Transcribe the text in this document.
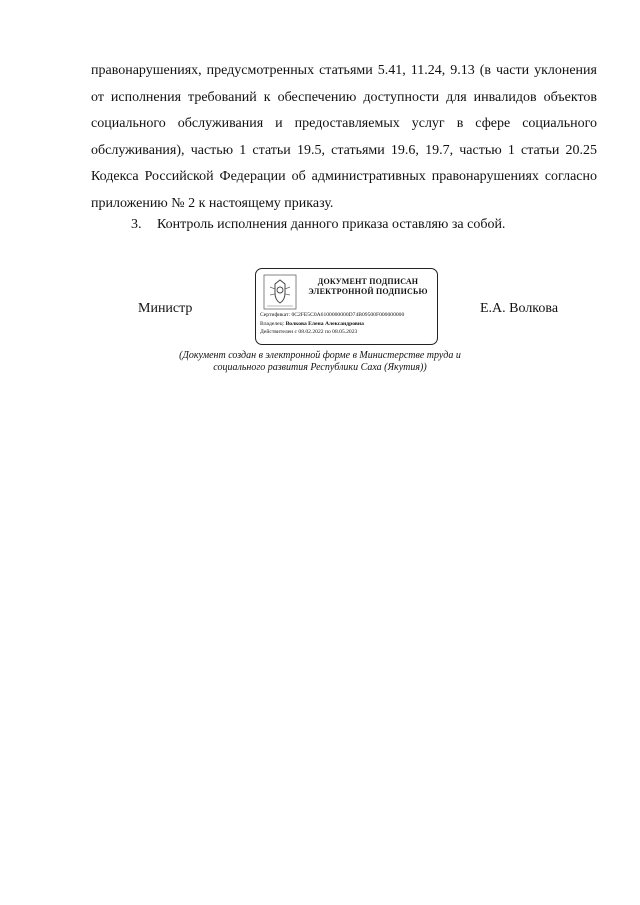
правонарушениях, предусмотренных статьями 5.41, 11.24, 9.13 (в части уклонения от исполнения требований к обеспечению доступности для инвалидов объектов социального обслуживания и предоставляемых услуг в сфере социального обслуживания), частью 1 статьи 19.5, статьями 19.6, 19.7, частью 1 статьи 20.25 Кодекса Российской Федерации об административных правонарушениях согласно приложению № 2 к настоящему приказу.
3. Контроль исполнения данного приказа оставляю за собой.
Министр
ДОКУМЕНТ ПОДПИСАН
ЭЛЕКТРОННОЙ ПОДПИСЬЮ
Сертификат: 0C2FE5C0A6100000000D74B09500F000000000
Владелец: Волкова Елена Александровна
Действителен с 08.02.2022 по 08.05.2023
Е.А. Волкова
(Документ создан в электронной форме в Министерстве труда и
социального развития Республики Саха (Якутия))
